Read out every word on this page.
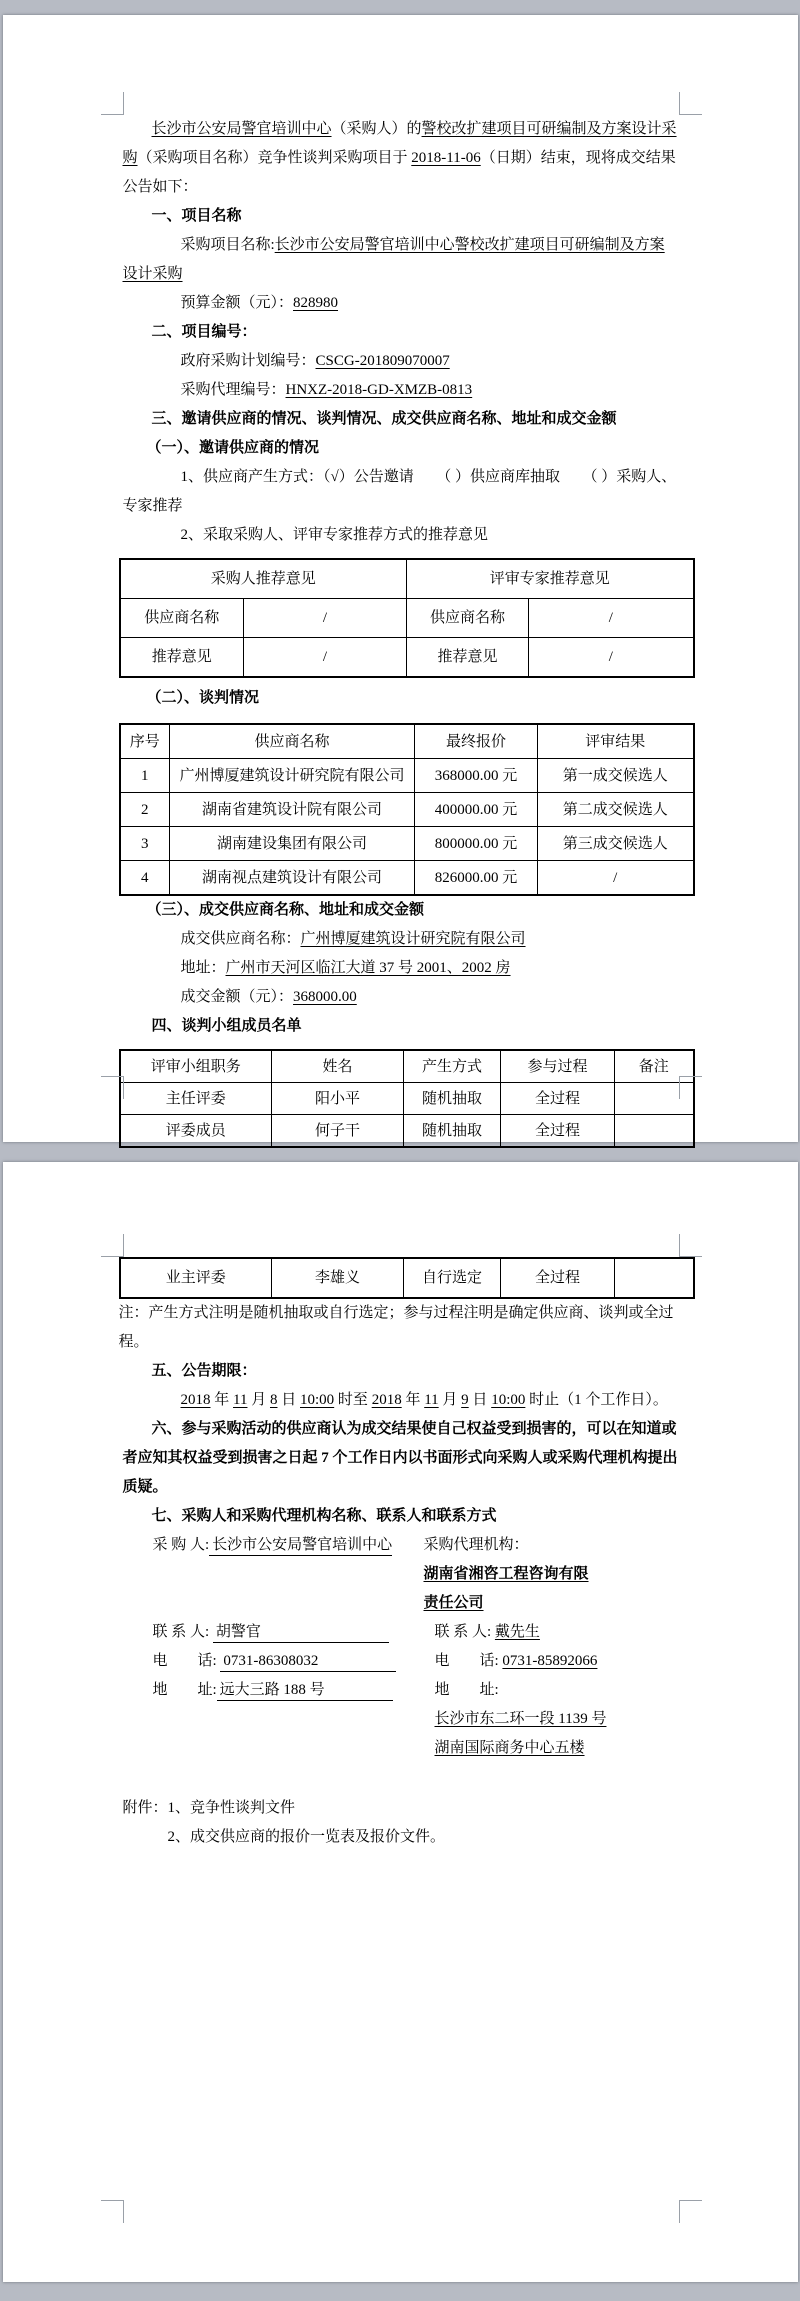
长沙市公安局警官培训中心（采购人）的警校改扩建项目可研编制及方案设计采购（采购项目名称）竞争性谈判采购项目于 2018-11-06（日期）结束，现将成交结果公告如下：

一、项目名称

采购项目名称:长沙市公安局警官培训中心警校改扩建项目可研编制及方案设计采购

预算金额（元）：828980

二、项目编号：

政府采购计划编号：CSCG-201809070007

采购代理编号：HNXZ-2018-GD-XMZB-0813

三、邀请供应商的情况、谈判情况、成交供应商名称、地址和成交金额

（一）、邀请供应商的情况

1、供应商产生方式：（√）公告邀请　　（ ）供应商库抽取　　（ ）采购人、专家推荐

2、采取采购人、评审专家推荐方式的推荐意见

采购人推荐意见		评审专家推荐意见	
供应商名称	/	供应商名称	/
推荐意见	/	推荐意见	/

（二）、谈判情况

序号	供应商名称	最终报价	评审结果
1	广州博厦建筑设计研究院有限公司	368000.00 元	第一成交候选人
2	湖南省建筑设计院有限公司	400000.00 元	第二成交候选人
3	湖南建设集团有限公司	800000.00 元	第三成交候选人
4	湖南视点建筑设计有限公司	826000.00 元	/

（三）、成交供应商名称、地址和成交金额

成交供应商名称：广州博厦建筑设计研究院有限公司

地址：广州市天河区临江大道 37 号 2001、2002 房

成交金额（元）：368000.00

四、谈判小组成员名单

评审小组职务	姓名	产生方式	参与过程	备注
主任评委	阳小平	随机抽取	全过程	
评委成员	何子干	随机抽取	全过程	
业主评委	李雄义	自行选定	全过程	

注：产生方式注明是随机抽取或自行选定；参与过程注明是确定供应商、谈判或全过程。

五、公告期限：

2018 年 11 月 8 日 10:00 时至 2018 年 11 月 9 日 10:00 时止（1 个工作日）。

六、参与采购活动的供应商认为成交结果使自己权益受到损害的，可以在知道或者应知其权益受到损害之日起 7 个工作日内以书面形式向采购人或采购代理机构提出质疑。

七、采购人和采购代理机构名称、联系人和联系方式

采 购 人: 长沙市公安局警官培训中心	采购代理机构：湖南省湘咨工程咨询有限责任公司
联 系 人: 胡警官	联 系 人: 戴先生
电　　话: 0731-86308032	电　　话: 0731-85892066
地　　址: 远大三路 188 号	地　　址: 长沙市东二环一段 1139 号湖南国际商务中心五楼

附件：1、竞争性谈判文件
2、成交供应商的报价一览表及报价文件。
